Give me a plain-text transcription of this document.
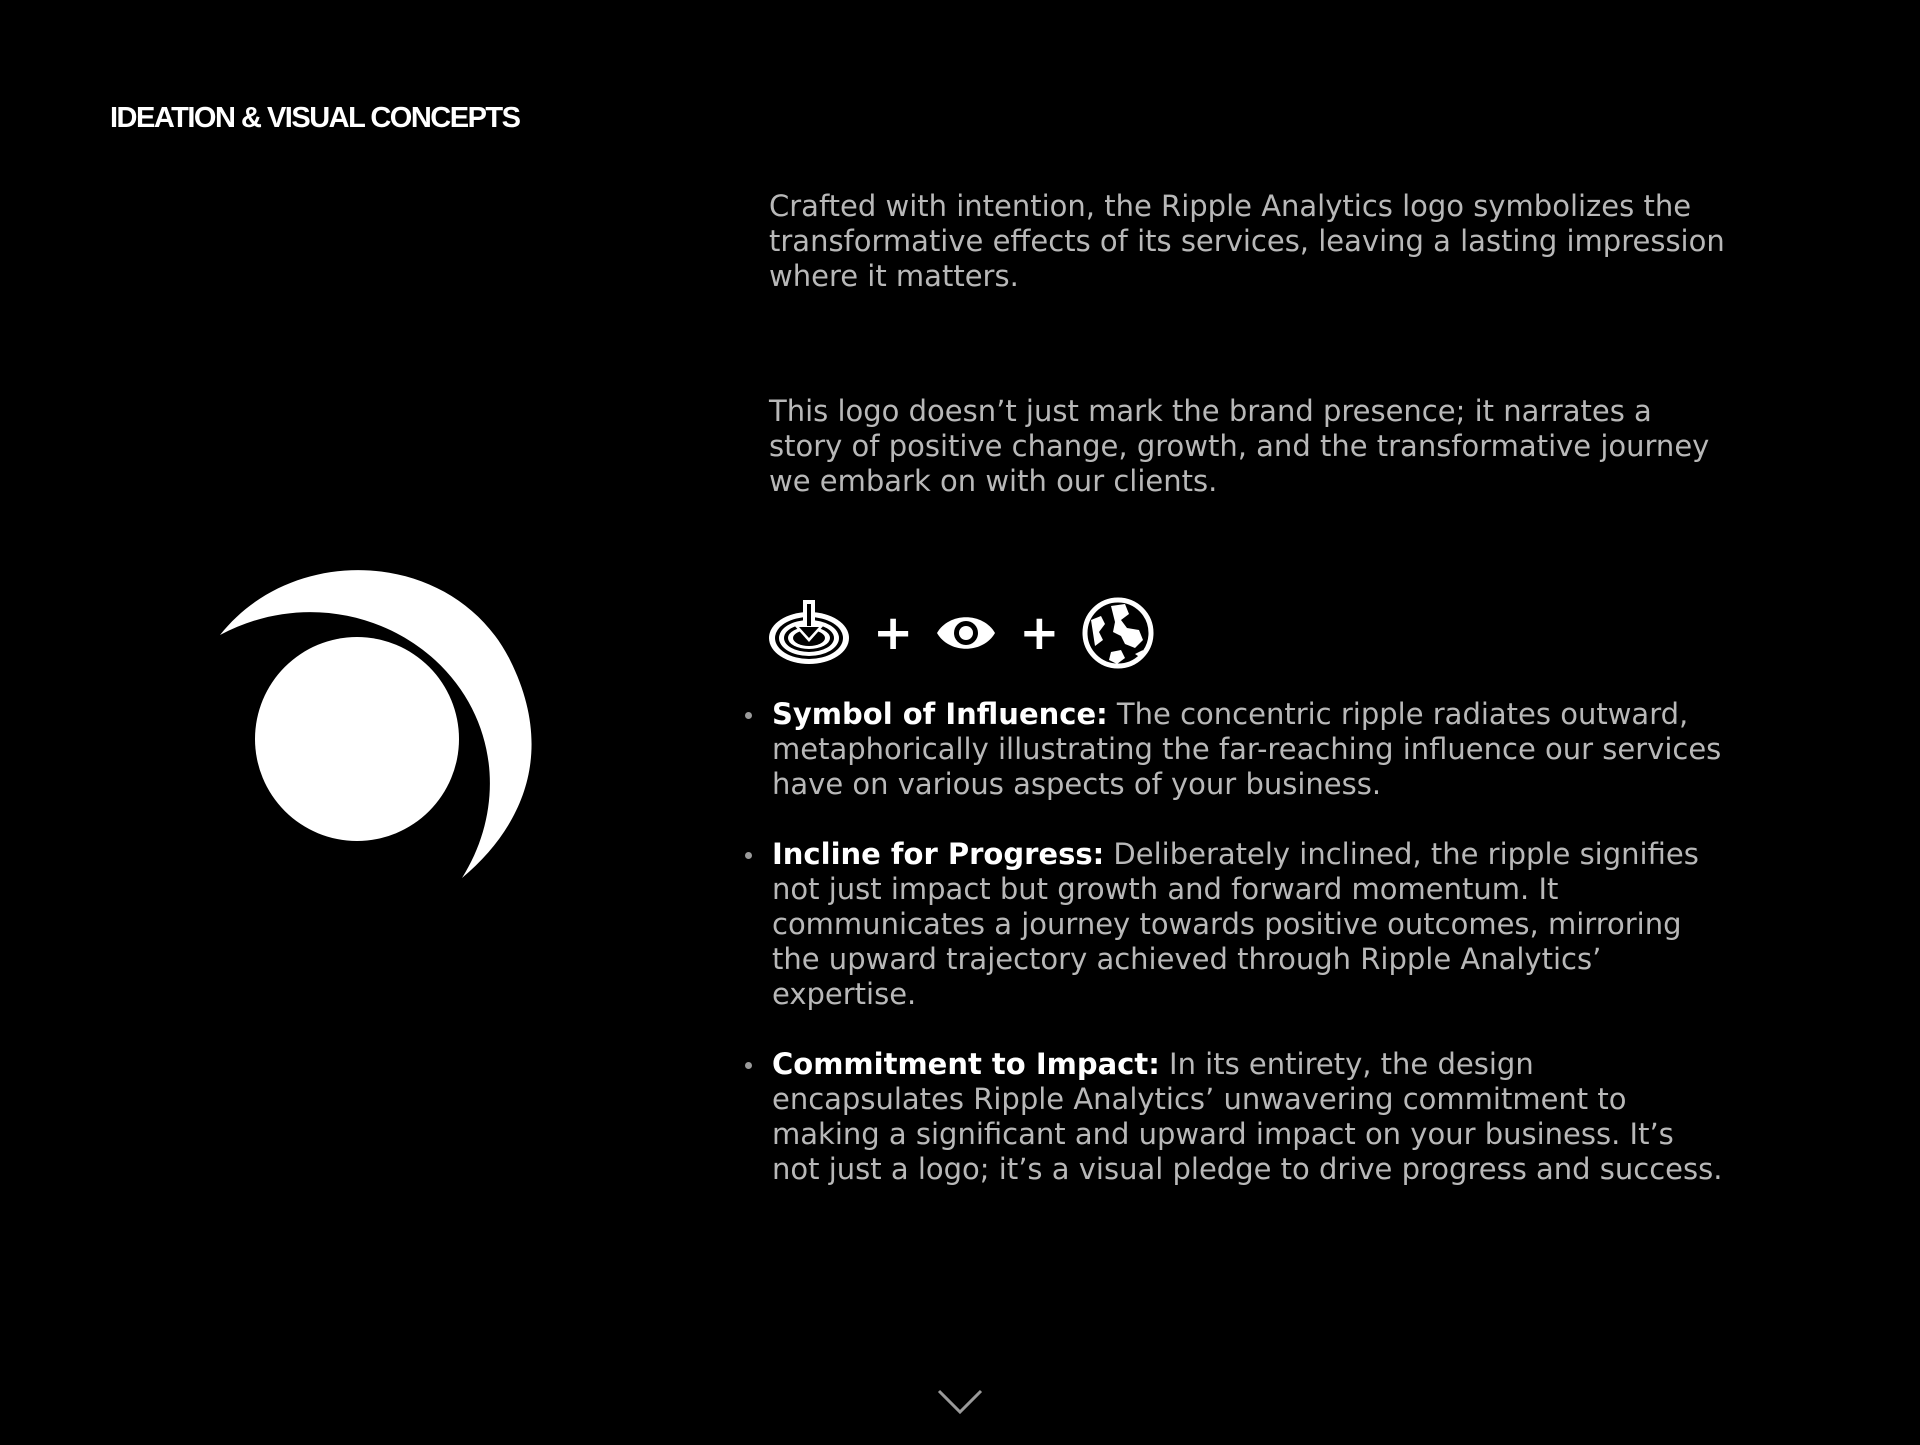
IDEATION & VISUAL CONCEPTS

Crafted with intention, the Ripple Analytics logo symbolizes the transformative effects of its services, leaving a lasting impression where it matters.

This logo doesn’t just mark the brand presence; it narrates a story of positive change, growth, and the transformative journey we embark on with our clients.

+ +
Symbol of Influence: The concentric ripple radiates outward, metaphorically illustrating the far-reaching influence our services have on various aspects of your business.
Incline for Progress: Deliberately inclined, the ripple signifies not just impact but growth and forward momentum. It communicates a journey towards positive outcomes, mirroring the upward trajectory achieved through Ripple Analytics’ expertise.
Commitment to Impact: In its entirety, the design encapsulates Ripple Analytics’ unwavering commitment to making a significant and upward impact on your business. It’s not just a logo; it’s a visual pledge to drive progress and success.
